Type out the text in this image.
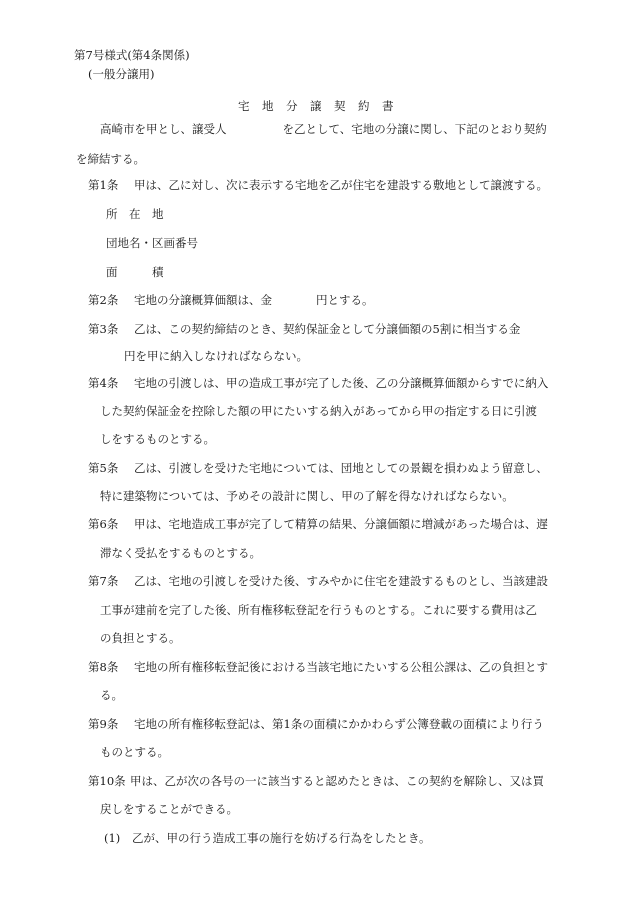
第7号様式(第4条関係)
(一般分譲用)
宅　地　分　譲　契　約　書
高崎市を甲とし、譲受人	を乙として、宅地の分譲に関し、下記のとおり契約
を締結する。
第1条 甲は、乙に対し、次に表示する宅地を乙が住宅を建設する敷地として譲渡する。
所　在　地
団地名・区画番号
面　　　積
第2条 宅地の分譲概算価額は、金	円とする。
第3条 乙は、この契約締結のとき、契約保証金として分譲価額の5割に相当する金
円を甲に納入しなければならない。
第4条 宅地の引渡しは、甲の造成工事が完了した後、乙の分譲概算価額からすでに納入
した契約保証金を控除した額の甲にたいする納入があってから甲の指定する日に引渡
しをするものとする。
第5条 乙は、引渡しを受けた宅地については、団地としての景観を損わぬよう留意し、
特に建築物については、予めその設計に関し、甲の了解を得なければならない。
第6条 甲は、宅地造成工事が完了して精算の結果、分譲価額に増減があった場合は、遅
滞なく受払をするものとする。
第7条 乙は、宅地の引渡しを受けた後、すみやかに住宅を建設するものとし、当該建設
工事が建前を完了した後、所有権移転登記を行うものとする。これに要する費用は乙
の負担とする。
第8条 宅地の所有権移転登記後における当該宅地にたいする公租公課は、乙の負担とす
る。
第9条 宅地の所有権移転登記は、第1条の面積にかかわらず公簿登載の面積により行う
ものとする。
第10条 甲は、乙が次の各号の一に該当すると認めたときは、この契約を解除し、又は買
戻しをすることができる。
(1) 乙が、甲の行う造成工事の施行を妨げる行為をしたとき。
